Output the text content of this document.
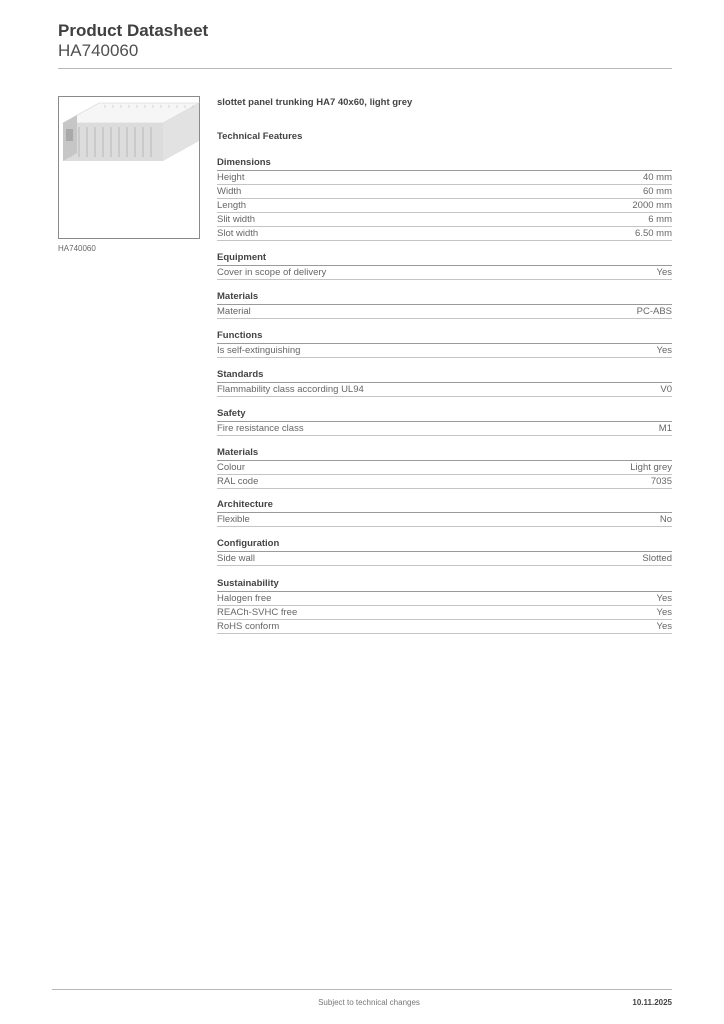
Product Datasheet
HA740060
HA740060
slottet panel trunking HA7 40x60, light grey
Technical Features
Dimensions
Height	40 mm
Width	60 mm
Length	2000 mm
Slit width	6 mm
Slot width	6.50 mm
Equipment
Cover in scope of delivery	Yes
Materials
Material	PC-ABS
Functions
Is self-extinguishing	Yes
Standards
Flammability class according UL94	V0
Safety
Fire resistance class	M1
Materials
Colour	Light grey
RAL code	7035
Architecture
Flexible	No
Configuration
Side wall	Slotted
Sustainability
Halogen free	Yes
REACh-SVHC free	Yes
RoHS conform	Yes
Subject to technical changes	10.11.2025
